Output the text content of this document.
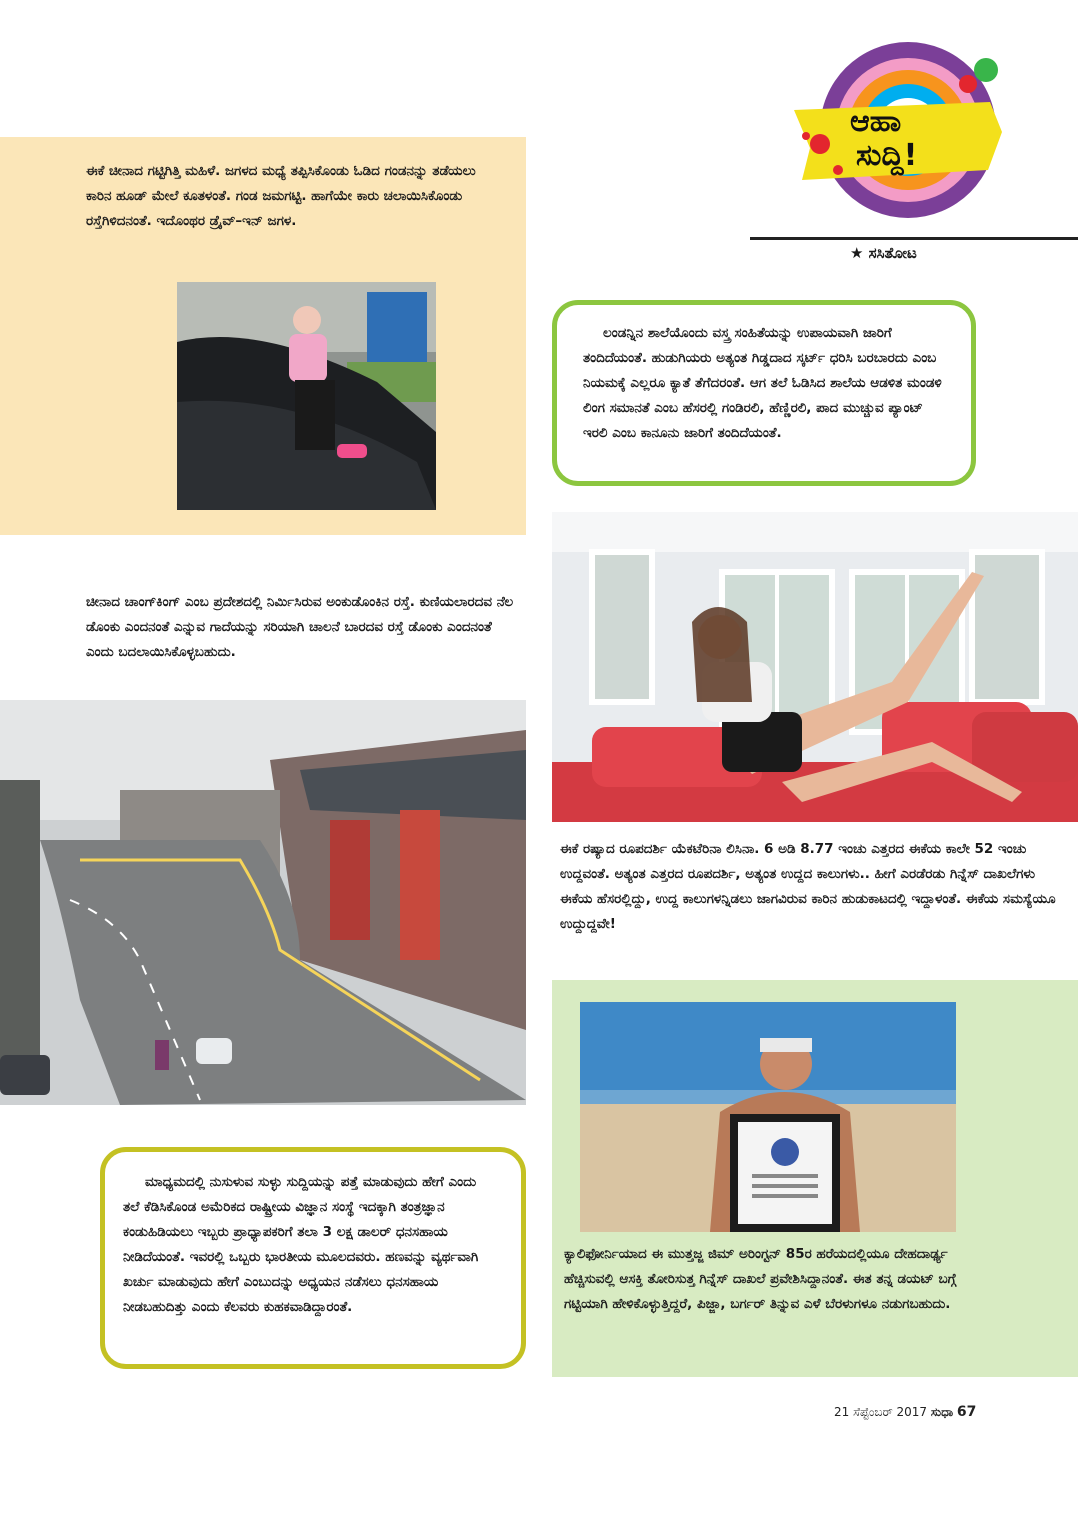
ಆಹಾ
ಸುದ್ದಿ!
★ ಸಸಿತೋಟ
ಈಕೆ ಚೀನಾದ ಗಟ್ಟಿಗಿತ್ತಿ ಮಹಿಳೆ. ಜಗಳದ ಮಧ್ಯೆ ತಪ್ಪಿಸಿಕೊಂಡು ಓಡಿದ ಗಂಡನನ್ನು ತಡೆಯಲು ಕಾರಿನ ಹೂಡ್ ಮೇಲೆ ಕೂತಳಂತೆ. ಗಂಡ ಜಮಗಟ್ಟಿ. ಹಾಗೆಯೇ ಕಾರು ಚಲಾಯಿಸಿಕೊಂಡು ರಸ್ತೆಗಿಳಿದನಂತೆ. ಇದೊಂಥರ ಡ್ರೈವ್–ಇನ್ ಜಗಳ.
ಲಂಡನ್ನಿನ ಶಾಲೆಯೊಂದು ವಸ್ತ್ರ ಸಂಹಿತೆಯನ್ನು ಉಪಾಯವಾಗಿ ಜಾರಿಗೆ ತಂದಿದೆಯಂತೆ. ಹುಡುಗಿಯರು ಅತ್ಯಂತ ಗಿಡ್ಡದಾದ ಸ್ಕರ್ಟ್ ಧರಿಸಿ ಬರಬಾರದು ಎಂಬ ನಿಯಮಕ್ಕೆ ಎಲ್ಲರೂ ಕ್ಯಾತೆ ತೆಗೆದರಂತೆ. ಆಗ ತಲೆ ಓಡಿಸಿದ ಶಾಲೆಯ ಆಡಳಿತ ಮಂಡಳಿ ಲಿಂಗ ಸಮಾನತೆ ಎಂಬ ಹೆಸರಲ್ಲಿ ಗಂಡಿರಲಿ, ಹೆಣ್ಣಿರಲಿ, ಪಾದ ಮುಚ್ಚುವ ಪ್ಯಾಂಟ್ ಇರಲಿ ಎಂಬ ಕಾನೂನು ಜಾರಿಗೆ ತಂದಿದೆಯಂತೆ.
ಈಕೆ ರಷ್ಯಾದ ರೂಪದರ್ಶಿ ಯೆಕಟೆರಿನಾ ಲಿಸಿನಾ. 6 ಅಡಿ 8.77 ಇಂಚು ಎತ್ತರದ ಈಕೆಯ ಕಾಲೇ 52 ಇಂಚು ಉದ್ದವಂತೆ. ಅತ್ಯಂತ ಎತ್ತರದ ರೂಪದರ್ಶಿ, ಅತ್ಯಂತ ಉದ್ದದ ಕಾಲುಗಳು.. ಹೀಗೆ ಎರಡೆರಡು ಗಿನ್ನೆಸ್ ದಾಖಲೆಗಳು ಈಕೆಯ ಹೆಸರಲ್ಲಿದ್ದು, ಉದ್ದ ಕಾಲುಗಳನ್ನಿಡಲು ಜಾಗವಿರುವ ಕಾರಿನ ಹುಡುಕಾಟದಲ್ಲಿ ಇದ್ದಾಳಂತೆ. ಈಕೆಯ ಸಮಸ್ಯೆಯೂ ಉದ್ದುದ್ದವೇ!
ಚೀನಾದ ಚಾಂಗ್‌ಕಿಂಗ್ ಎಂಬ ಪ್ರದೇಶದಲ್ಲಿ ನಿರ್ಮಿಸಿರುವ ಅಂಕುಡೊಂಕಿನ ರಸ್ತೆ. ಕುಣಿಯಲಾರದವ ನೆಲ ಡೊಂಕು ಎಂದನಂತೆ ಎನ್ನುವ ಗಾದೆಯನ್ನು ಸರಿಯಾಗಿ ಚಾಲನೆ ಬಾರದವ ರಸ್ತೆ ಡೊಂಕು ಎಂದನಂತೆ ಎಂದು ಬದಲಾಯಿಸಿಕೊಳ್ಳಬಹುದು.
ಮಾಧ್ಯಮದಲ್ಲಿ ನುಸುಳುವ ಸುಳ್ಳು ಸುದ್ದಿಯನ್ನು ಪತ್ತೆ ಮಾಡುವುದು ಹೇಗೆ ಎಂದು ತಲೆ ಕೆಡಿಸಿಕೊಂಡ ಅಮೆರಿಕದ ರಾಷ್ಟ್ರೀಯ ವಿಜ್ಞಾನ ಸಂಸ್ಥೆ ಇದಕ್ಕಾಗಿ ತಂತ್ರಜ್ಞಾನ ಕಂಡುಹಿಡಿಯಲು ಇಬ್ಬರು ಪ್ರಾಧ್ಯಾಪಕರಿಗೆ ತಲಾ 3 ಲಕ್ಷ ಡಾಲರ್ ಧನಸಹಾಯ ನೀಡಿದೆಯಂತೆ. ಇವರಲ್ಲಿ ಒಬ್ಬರು ಭಾರತೀಯ ಮೂಲದವರು. ಹಣವನ್ನು ವ್ಯರ್ಥವಾಗಿ ಖರ್ಚು ಮಾಡುವುದು ಹೇಗೆ ಎಂಬುದನ್ನು ಅಧ್ಯಯನ ನಡೆಸಲು ಧನಸಹಾಯ ನೀಡಬಹುದಿತ್ತು ಎಂದು ಕೆಲವರು ಕುಹಕವಾಡಿದ್ದಾರಂತೆ.
ಕ್ಯಾಲಿಫೋರ್ನಿಯಾದ ಈ ಮುತ್ತಜ್ಜ ಜಿಮ್ ಅರಿಂಗ್ಟನ್ 85ರ ಹರೆಯದಲ್ಲಿಯೂ ದೇಹದಾರ್ಢ್ಯ ಹೆಚ್ಚಿಸುವಲ್ಲಿ ಆಸಕ್ತಿ ತೋರಿಸುತ್ತ ಗಿನ್ನೆಸ್ ದಾಖಲೆ ಪ್ರವೇಶಿಸಿದ್ದಾನಂತೆ. ಈತ ತನ್ನ ಡಯಟ್ ಬಗ್ಗೆ ಗಟ್ಟಿಯಾಗಿ ಹೇಳಿಕೊಳ್ಳುತ್ತಿದ್ದರೆ, ಪಿಜ್ಜಾ, ಬರ್ಗರ್ ತಿನ್ನುವ ಎಳೆ ಬೆರಳುಗಳೂ ನಡುಗಬಹುದು.
21 ಸೆಪ್ಟೆಂಬರ್ 2017 ಸುಧಾ 67
